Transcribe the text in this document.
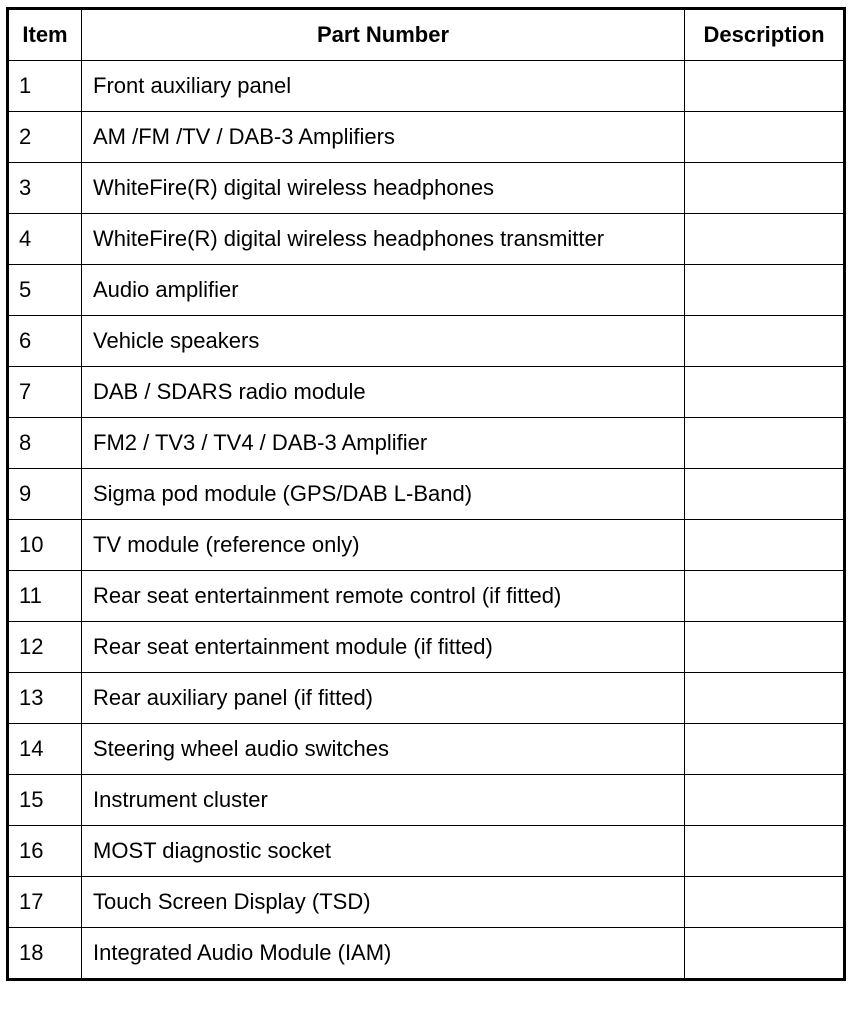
Item	Part Number	Description
1	Front auxiliary panel	
2	AM /FM /TV / DAB-3 Amplifiers	
3	WhiteFire(R) digital wireless headphones	
4	WhiteFire(R) digital wireless headphones transmitter	
5	Audio amplifier	
6	Vehicle speakers	
7	DAB / SDARS radio module	
8	FM2 / TV3 / TV4 / DAB-3 Amplifier	
9	Sigma pod module (GPS/DAB L-Band)	
10	TV module (reference only)	
11	Rear seat entertainment remote control (if fitted)	
12	Rear seat entertainment module (if fitted)	
13	Rear auxiliary panel (if fitted)	
14	Steering wheel audio switches	
15	Instrument cluster	
16	MOST diagnostic socket	
17	Touch Screen Display (TSD)	
18	Integrated Audio Module (IAM)	
